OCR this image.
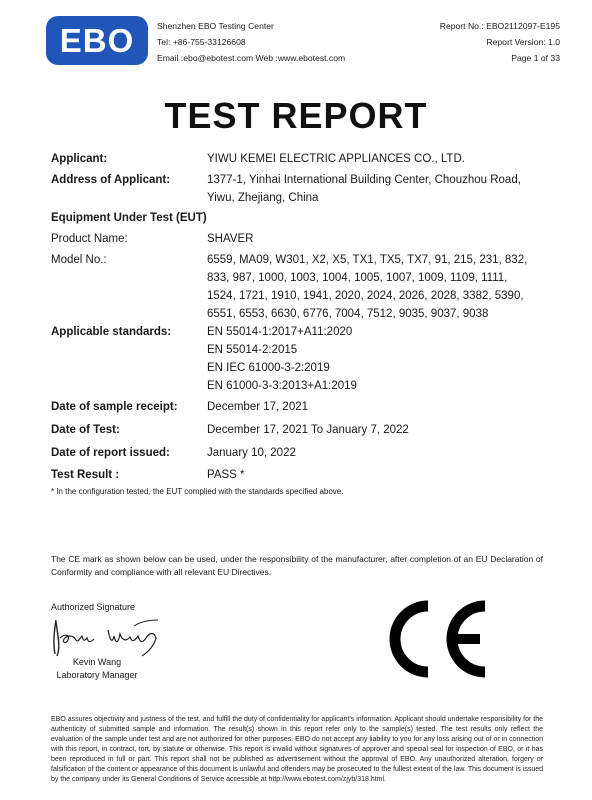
EBO	Shenzhen EBO Testing Center
Tel: +86-755-33126608
Email :ebo@ebotest.com Web :www.ebotest.com
Report No.: EBO2112097-E195
Report Version: 1.0
Page 1 of 33
TEST REPORT
Applicant:	YIWU KEMEI ELECTRIC APPLIANCES CO., LTD.
Address of Applicant:	1377-1, Yinhai International Building Center, Chouzhou Road,
Yiwu, Zhejiang, China
Equipment Under Test (EUT)
Product Name:	SHAVER
Model No.:	6559, MA09, W301, X2, X5, TX1, TX5, TX7, 91, 215, 231, 832,
833, 987, 1000, 1003, 1004, 1005, 1007, 1009, 1109, 1111,
1524, 1721, 1910, 1941, 2020, 2024, 2026, 2028, 3382, 5390,
6551, 6553, 6630, 6776, 7004, 7512, 9035, 9037, 9038
Applicable standards:	EN 55014-1:2017+A11:2020
EN 55014-2:2015
EN IEC 61000-3-2:2019
EN 61000-3-3:2013+A1:2019
Date of sample receipt:	December 17, 2021
Date of Test:	December 17, 2021 To January 7, 2022
Date of report issued:	January 10, 2022
Test Result :	PASS *
* In the configuration tested, the EUT complied with the standards specified above.
The CE mark as shown below can be used, under the responsibility of the manufacturer, after completion of an EU Declaration of Conformity and compliance with all relevant EU Directives.
Authorized Signature
Kevin Wang
Laboratory Manager
EBO assures objectivity and justness of the test, and fulfill the duty of confidentiality for applicant's information. Applicant should undertake responsibility for the authenticity of submitted sample and information. The result(s) shown in this report refer only to the sample(s) tested. The test results only reflect the evaluation of the sample under test and are not authorized for other purposes. EBO do not accept any liability to you for any loss arising out of or in connection with this report, in contract, tort, by statute or otherwise. This report is invalid without signatures of approver and special seal for inspection of EBO, or it has been reproduced in full or part. This report shall not be published as advertisement without the approval of EBO. Any unauthorized alteration, forgery or falsification of the content or appearance of this document is unlawful and offenders may be prosecuted to the fullest extent of the law. This document is issued by the company under its General Conditions of Service accessible at http://www.ebotest.com/zjyb/318.html.
